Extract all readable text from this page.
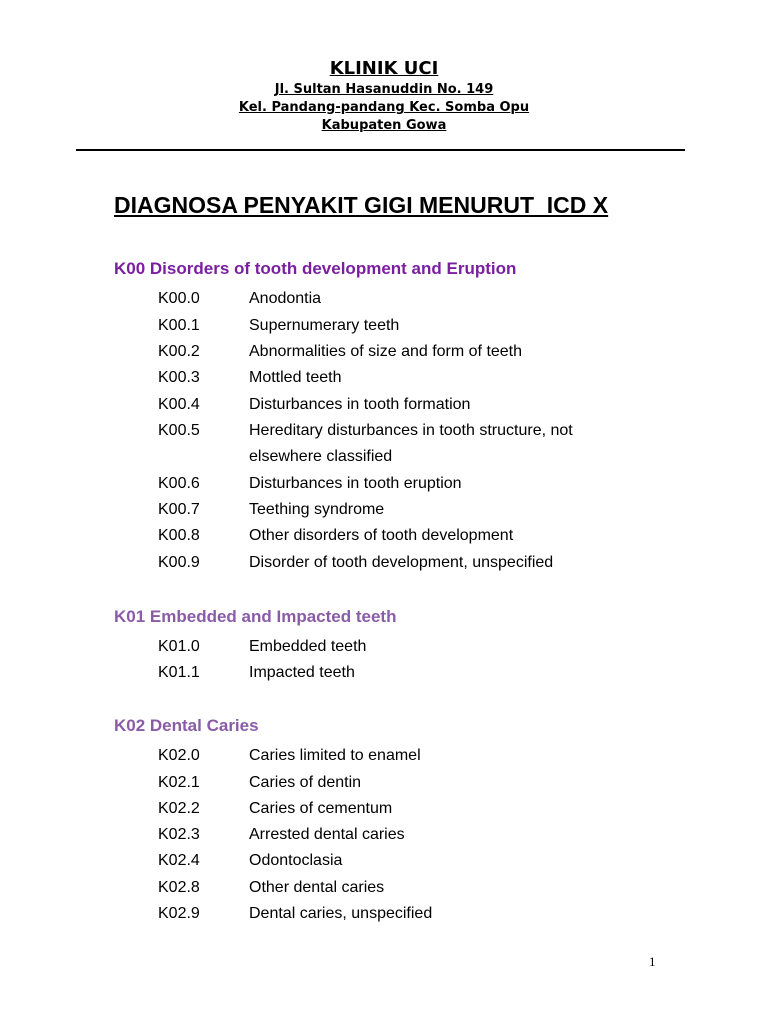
KLINIK UCI
Jl. Sultan Hasanuddin No. 149
Kel. Pandang-pandang Kec. Somba Opu
Kabupaten Gowa
DIAGNOSA PENYAKIT GIGI MENURUT  ICD X
K00 Disorders of tooth development and Eruption
K00.0	Anodontia
K00.1	Supernumerary teeth
K00.2	Abnormalities of size and form of teeth
K00.3	Mottled teeth
K00.4	Disturbances in tooth formation
K00.5	Hereditary disturbances in tooth structure, not elsewhere classified
K00.6	Disturbances in tooth eruption
K00.7	Teething syndrome
K00.8	Other disorders of tooth development
K00.9	Disorder of tooth development, unspecified
K01 Embedded and Impacted teeth
K01.0	Embedded teeth
K01.1	Impacted teeth
K02 Dental Caries
K02.0	Caries limited to enamel
K02.1	Caries of dentin
K02.2	Caries of cementum
K02.3	Arrested dental caries
K02.4	Odontoclasia
K02.8	Other dental caries
K02.9	Dental caries, unspecified
1
